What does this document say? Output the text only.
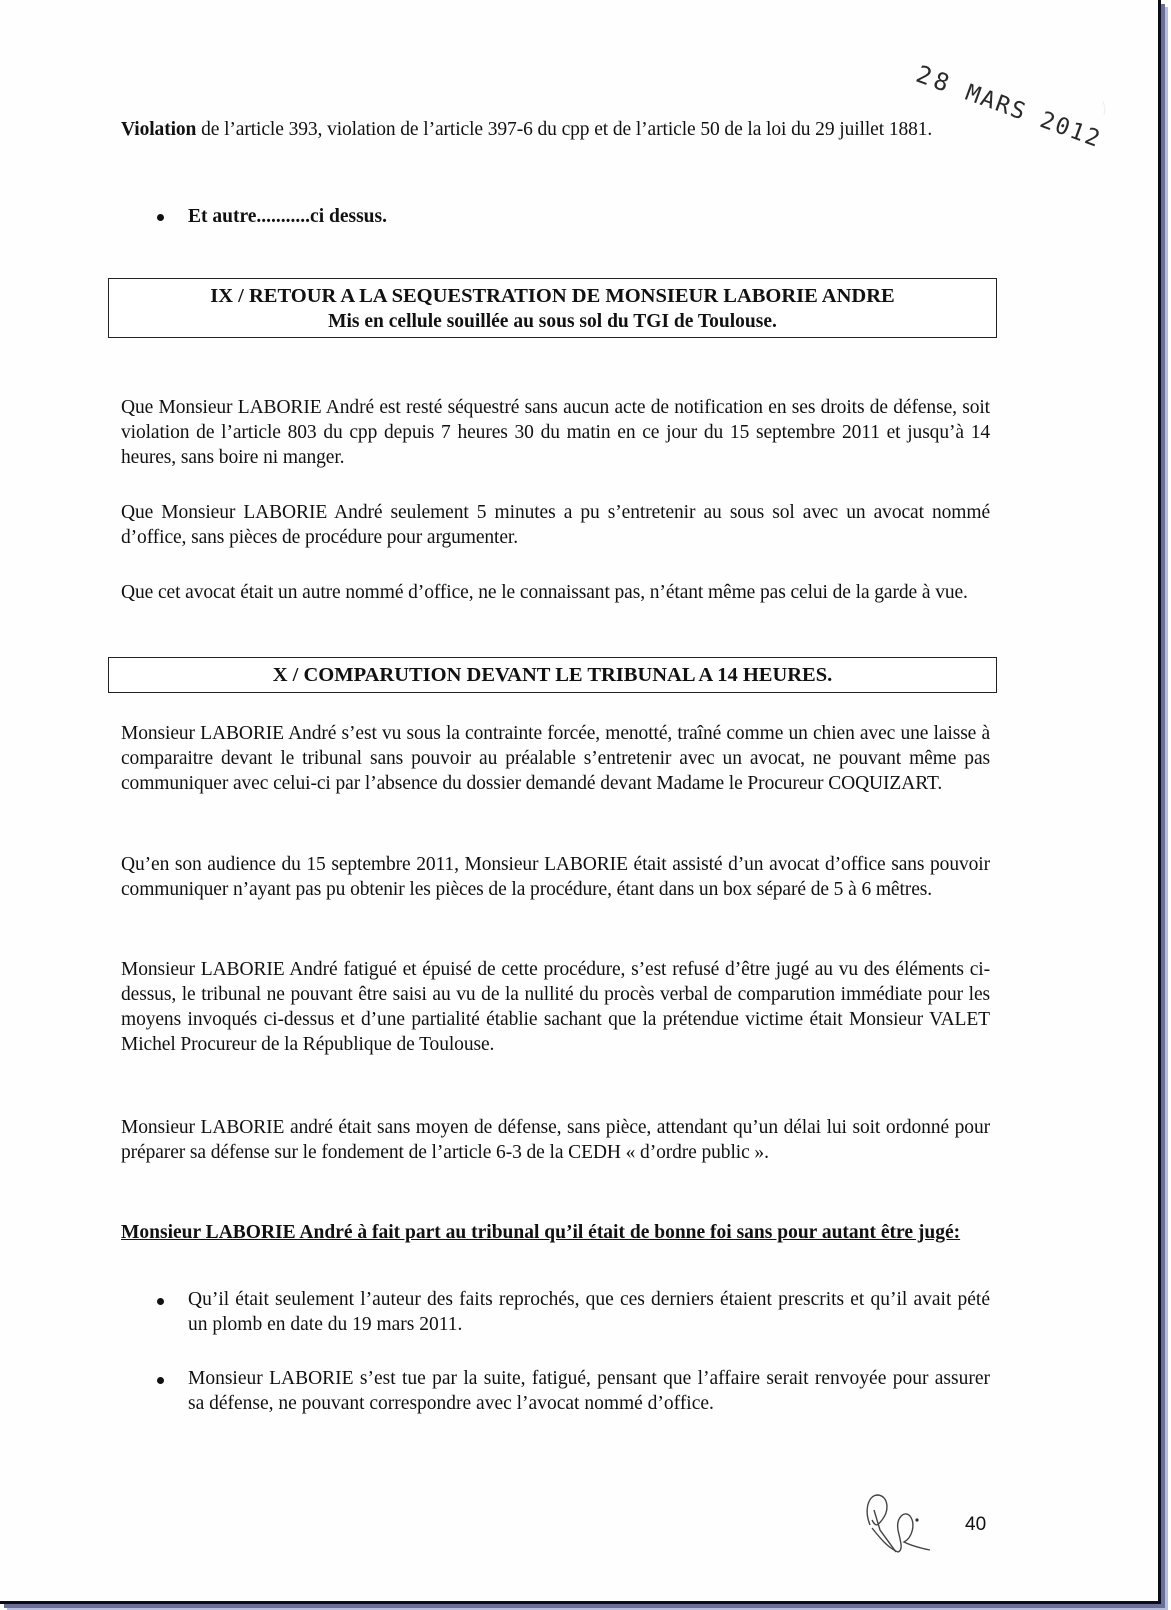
28 MARS 2012

Violation de l’article 393, violation de l’article 397-6 du cpp et de l’article 50 de la loi du 29 juillet 1881.

Et autre...........ci dessus.
IX / RETOUR A LA SEQUESTRATION DE MONSIEUR LABORIE ANDRE
Mis en cellule souillée au sous sol du TGI de Toulouse.

Que Monsieur LABORIE André est resté séquestré sans aucun acte de notification en ses droits de défense, soit violation de l’article 803 du cpp depuis 7 heures 30 du matin en ce jour du 15 septembre 2011 et jusqu’à 14 heures, sans boire ni manger.

Que Monsieur LABORIE André seulement 5 minutes a pu s’entretenir au sous sol avec un avocat nommé d’office, sans pièces de procédure pour argumenter.

Que cet avocat était un autre nommé d’office, ne le connaissant pas, n’étant même pas celui de la garde à vue.

X / COMPARUTION DEVANT LE TRIBUNAL A 14 HEURES.

Monsieur LABORIE André s’est vu sous la contrainte forcée, menotté, traîné comme un chien avec une laisse à comparaitre devant le tribunal sans pouvoir au préalable s’entretenir avec un avocat, ne pouvant même pas communiquer avec celui-ci par l’absence du dossier demandé devant Madame le Procureur COQUIZART.

Qu’en son audience du 15 septembre 2011, Monsieur LABORIE était assisté d’un avocat d’office sans pouvoir communiquer n’ayant pas pu obtenir les pièces de la procédure, étant dans un box séparé de 5 à 6 mêtres.

Monsieur LABORIE André fatigué et épuisé de cette procédure, s’est refusé d’être jugé au vu des éléments ci-dessus, le tribunal ne pouvant être saisi au vu de la nullité du procès verbal de comparution immédiate pour les moyens invoqués ci-dessus et d’une partialité établie sachant que la prétendue victime était Monsieur VALET Michel Procureur de la République de Toulouse.

Monsieur LABORIE andré était sans moyen de défense, sans pièce, attendant qu’un délai lui soit ordonné pour préparer sa défense sur le fondement de l’article 6-3 de la CEDH « d’ordre public ».

Monsieur LABORIE André à fait part au tribunal qu’il était de bonne foi sans pour autant être jugé:

Qu’il était seulement l’auteur des faits reprochés, que ces derniers étaient prescrits et qu’il avait pété un plomb en date du 19 mars 2011.

Monsieur LABORIE s’est tue par la suite, fatigué, pensant que l’affaire serait renvoyée pour assurer sa défense, ne pouvant correspondre avec l’avocat nommé d’office.

40
